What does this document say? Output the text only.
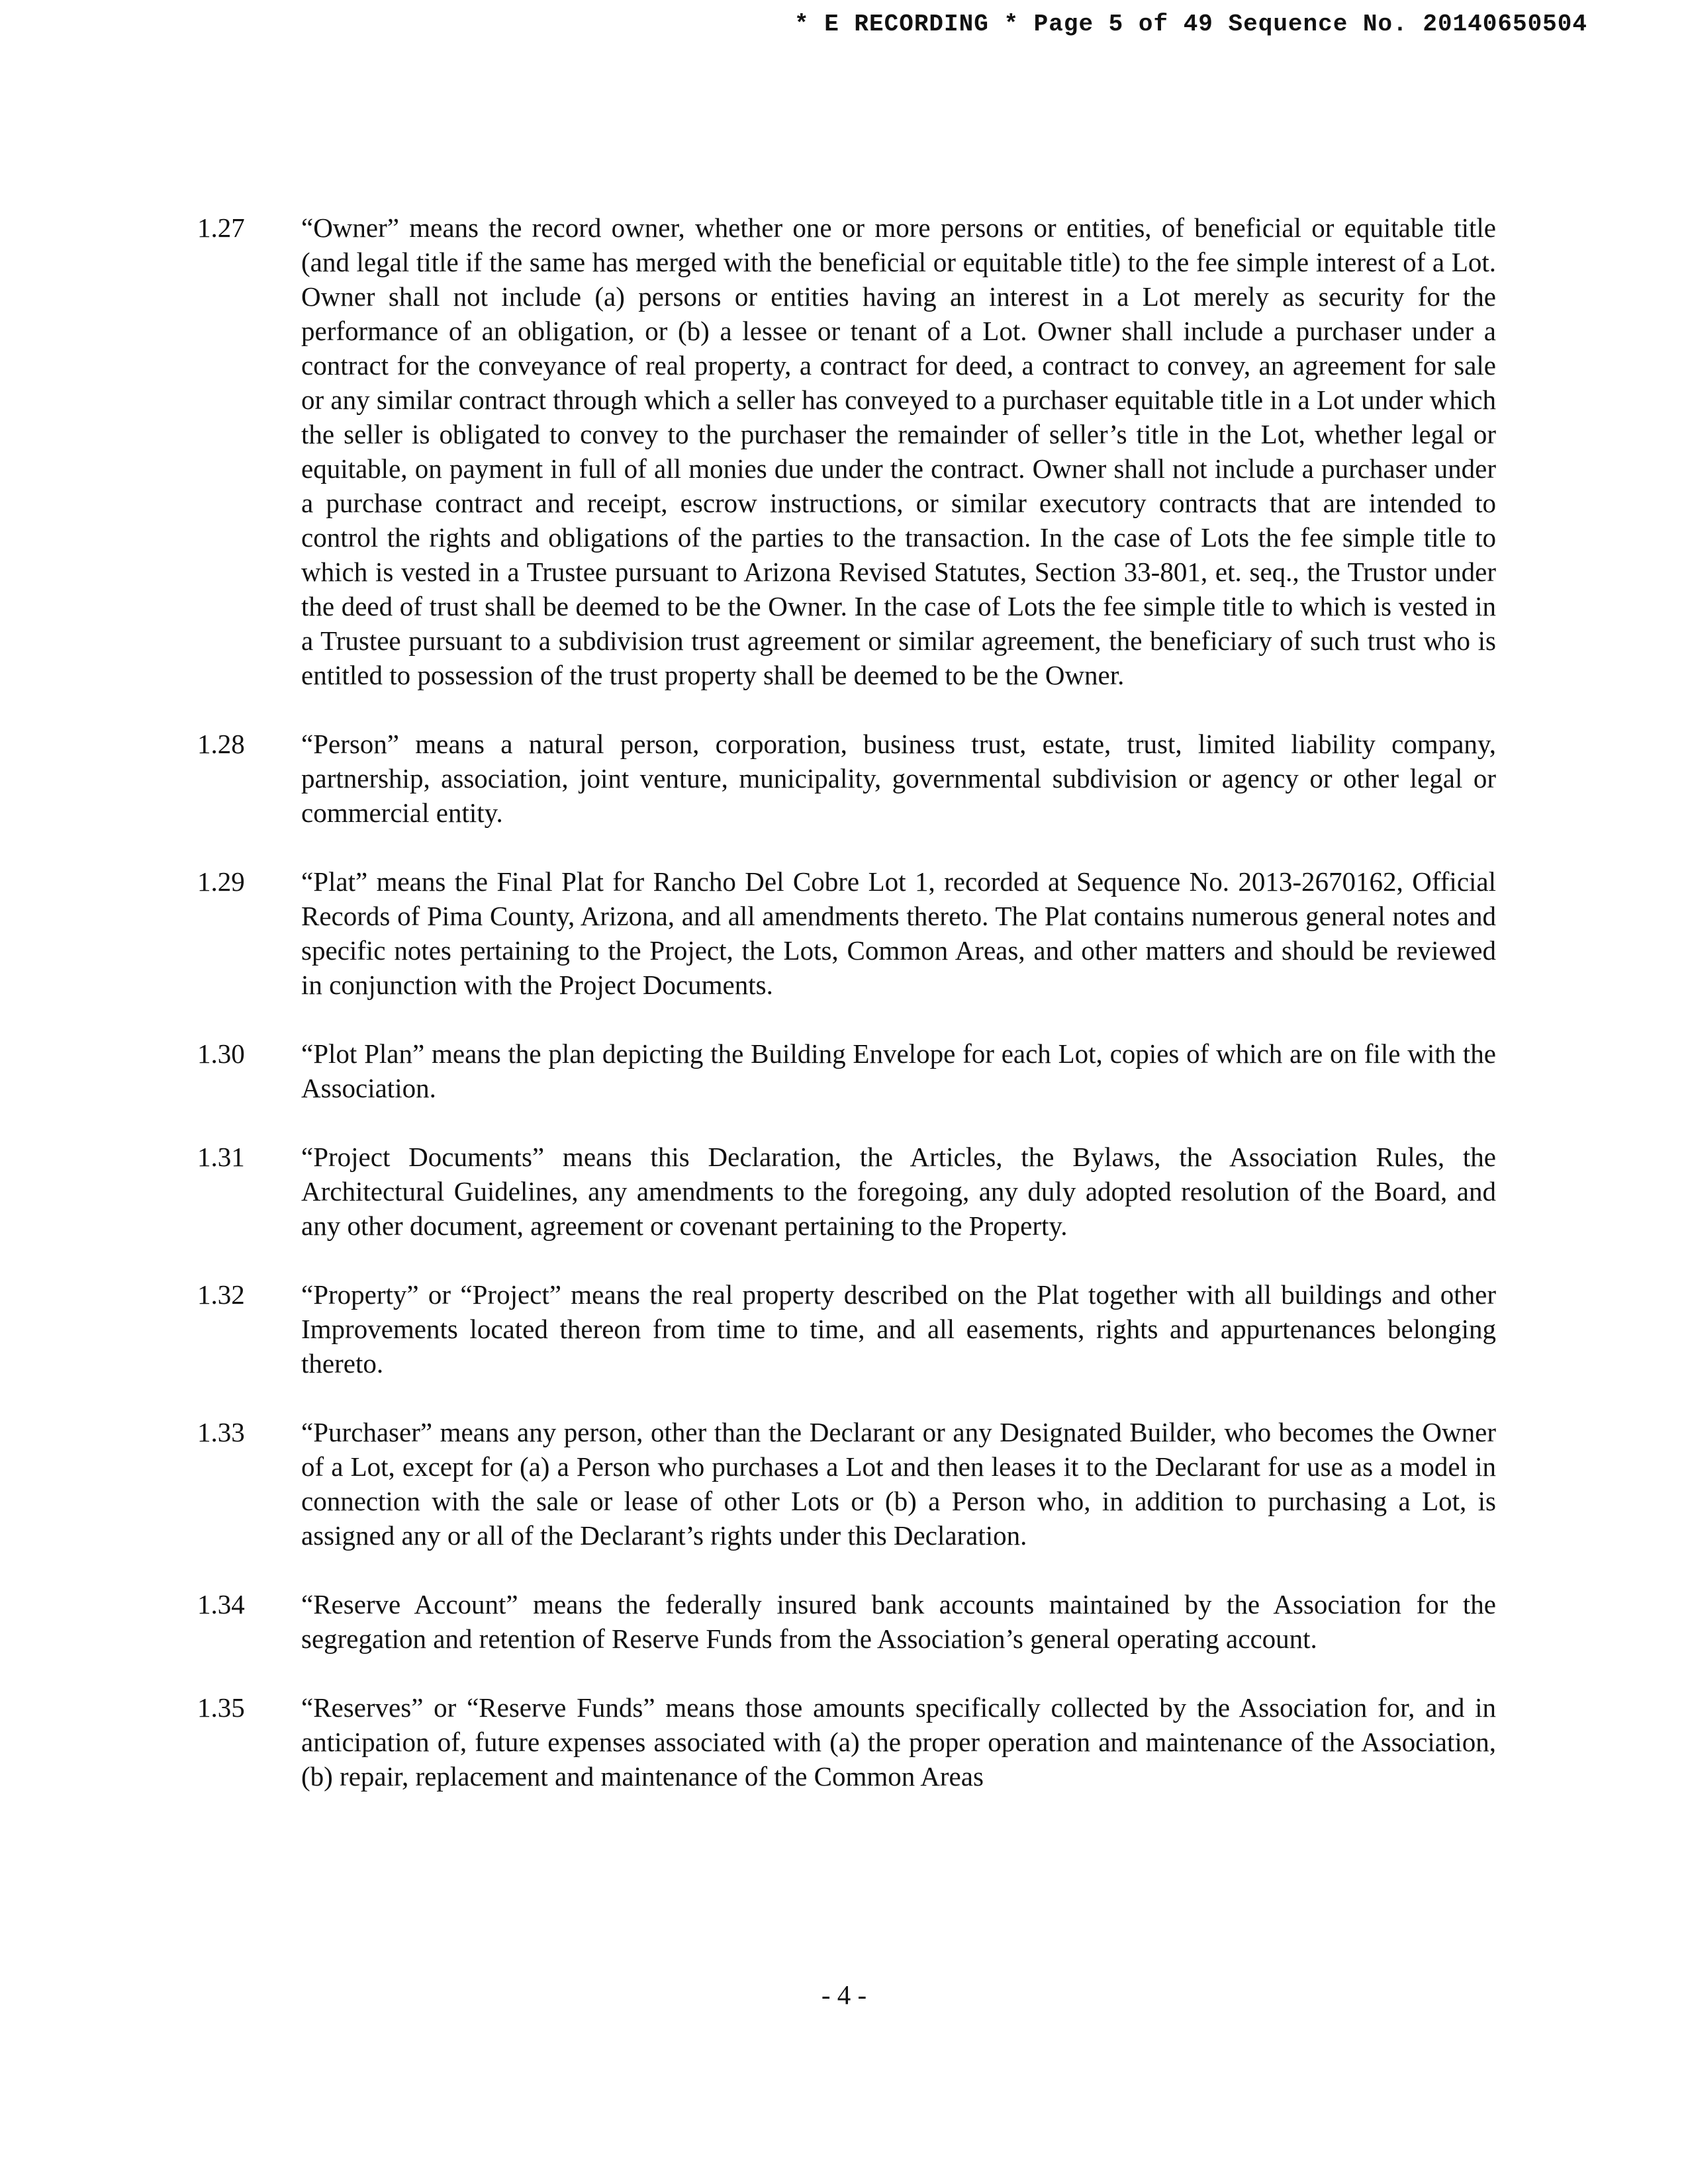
* E RECORDING * Page 5 of 49 Sequence No. 20140650504
1.27	“Owner” means the record owner, whether one or more persons or entities, of beneficial or equitable title (and legal title if the same has merged with the beneficial or equitable title) to the fee simple interest of a Lot. Owner shall not include (a) persons or entities having an interest in a Lot merely as security for the performance of an obligation, or (b) a lessee or tenant of a Lot. Owner shall include a purchaser under a contract for the conveyance of real property, a contract for deed, a contract to convey, an agreement for sale or any similar contract through which a seller has conveyed to a purchaser equitable title in a Lot under which the seller is obligated to convey to the purchaser the remainder of seller’s title in the Lot, whether legal or equitable, on payment in full of all monies due under the contract. Owner shall not include a purchaser under a purchase contract and receipt, escrow instructions, or similar executory contracts that are intended to control the rights and obligations of the parties to the transaction. In the case of Lots the fee simple title to which is vested in a Trustee pursuant to Arizona Revised Statutes, Section 33-801, et. seq., the Trustor under the deed of trust shall be deemed to be the Owner. In the case of Lots the fee simple title to which is vested in a Trustee pursuant to a subdivision trust agreement or similar agreement, the beneficiary of such trust who is entitled to possession of the trust property shall be deemed to be the Owner.
1.28	“Person” means a natural person, corporation, business trust, estate, trust, limited liability company, partnership, association, joint venture, municipality, governmental subdivision or agency or other legal or commercial entity.
1.29	“Plat” means the Final Plat for Rancho Del Cobre Lot 1, recorded at Sequence No. 2013-2670162, Official Records of Pima County, Arizona, and all amendments thereto. The Plat contains numerous general notes and specific notes pertaining to the Project, the Lots, Common Areas, and other matters and should be reviewed in conjunction with the Project Documents.
1.30	“Plot Plan” means the plan depicting the Building Envelope for each Lot, copies of which are on file with the Association.
1.31	“Project Documents” means this Declaration, the Articles, the Bylaws, the Association Rules, the Architectural Guidelines, any amendments to the foregoing, any duly adopted resolution of the Board, and any other document, agreement or covenant pertaining to the Property.
1.32	“Property” or “Project” means the real property described on the Plat together with all buildings and other Improvements located thereon from time to time, and all easements, rights and appurtenances belonging thereto.
1.33	“Purchaser” means any person, other than the Declarant or any Designated Builder, who becomes the Owner of a Lot, except for (a) a Person who purchases a Lot and then leases it to the Declarant for use as a model in connection with the sale or lease of other Lots or (b) a Person who, in addition to purchasing a Lot, is assigned any or all of the Declarant’s rights under this Declaration.
1.34	“Reserve Account” means the federally insured bank accounts maintained by the Association for the segregation and retention of Reserve Funds from the Association’s general operating account.
1.35	“Reserves” or “Reserve Funds” means those amounts specifically collected by the Association for, and in anticipation of, future expenses associated with (a) the proper operation and maintenance of the Association, (b) repair, replacement and maintenance of the Common Areas
- 4 -
